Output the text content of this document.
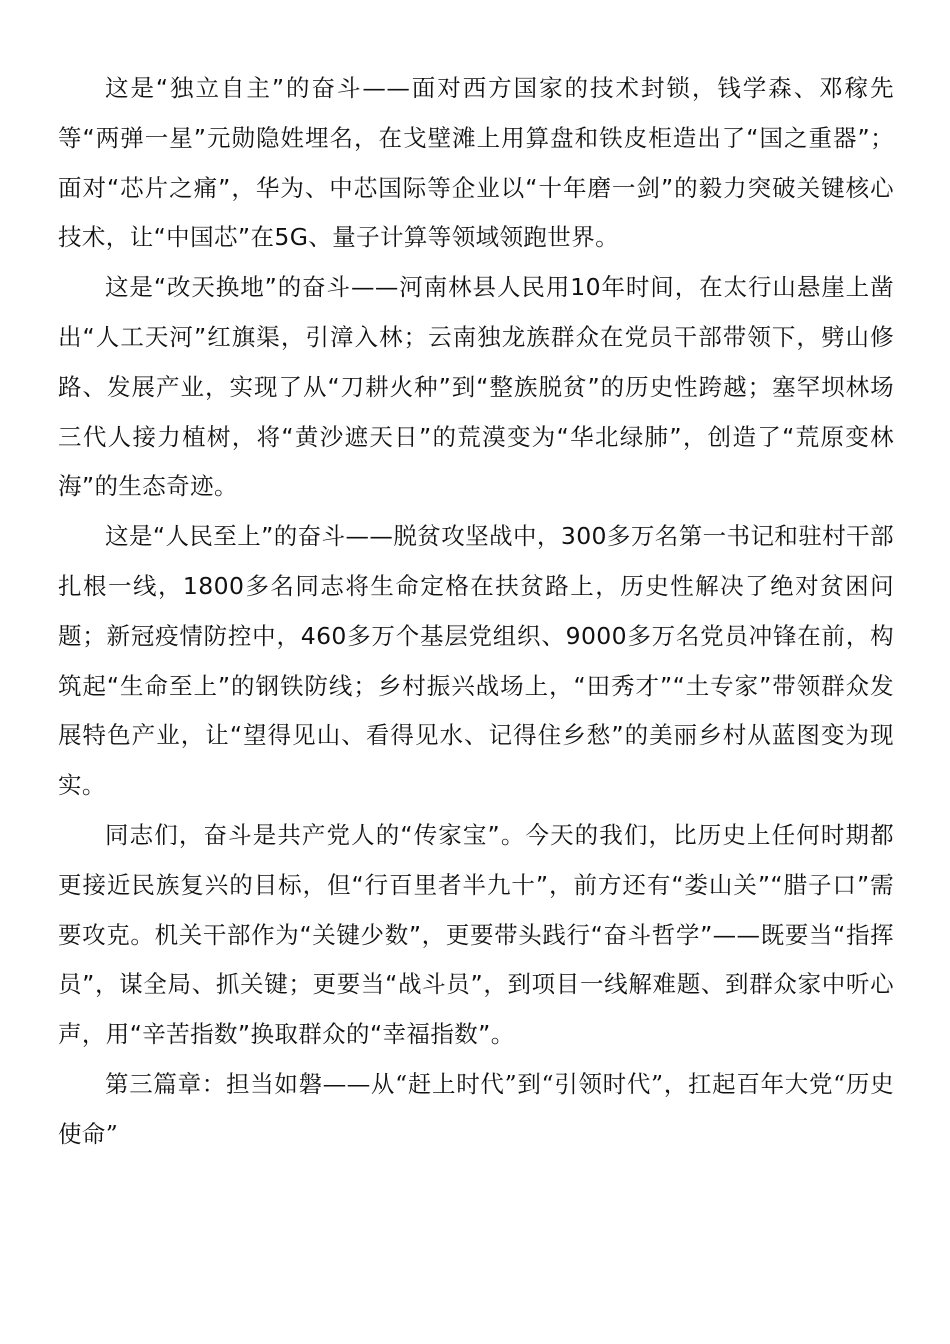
这是“独立自主”的奋斗——面对西方国家的技术封锁，钱学森、邓稼先等“两弹一星”元勋隐姓埋名，在戈壁滩上用算盘和铁皮柜造出了“国之重器”；面对“芯片之痛”，华为、中芯国际等企业以“十年磨一剑”的毅力突破关键核心技术，让“中国芯”在5G、量子计算等领域领跑世界。

这是“改天换地”的奋斗——河南林县人民用10年时间，在太行山悬崖上凿出“人工天河”红旗渠，引漳入林；云南独龙族群众在党员干部带领下，劈山修路、发展产业，实现了从“刀耕火种”到“整族脱贫”的历史性跨越；塞罕坝林场三代人接力植树，将“黄沙遮天日”的荒漠变为“华北绿肺”，创造了“荒原变林海”的生态奇迹。

这是“人民至上”的奋斗——脱贫攻坚战中，300多万名第一书记和驻村干部扎根一线，1800多名同志将生命定格在扶贫路上，历史性解决了绝对贫困问题；新冠疫情防控中，460多万个基层党组织、9000多万名党员冲锋在前，构筑起“生命至上”的钢铁防线；乡村振兴战场上，“田秀才”“土专家”带领群众发展特色产业，让“望得见山、看得见水、记得住乡愁”的美丽乡村从蓝图变为现实。

同志们，奋斗是共产党人的“传家宝”。今天的我们，比历史上任何时期都更接近民族复兴的目标，但“行百里者半九十”，前方还有“娄山关”“腊子口”需要攻克。机关干部作为“关键少数”，更要带头践行“奋斗哲学”——既要当“指挥员”，谋全局、抓关键；更要当“战斗员”，到项目一线解难题、到群众家中听心声，用“辛苦指数”换取群众的“幸福指数”。

第三篇章：担当如磐——从“赶上时代”到“引领时代”，扛起百年大党“历史使命”
